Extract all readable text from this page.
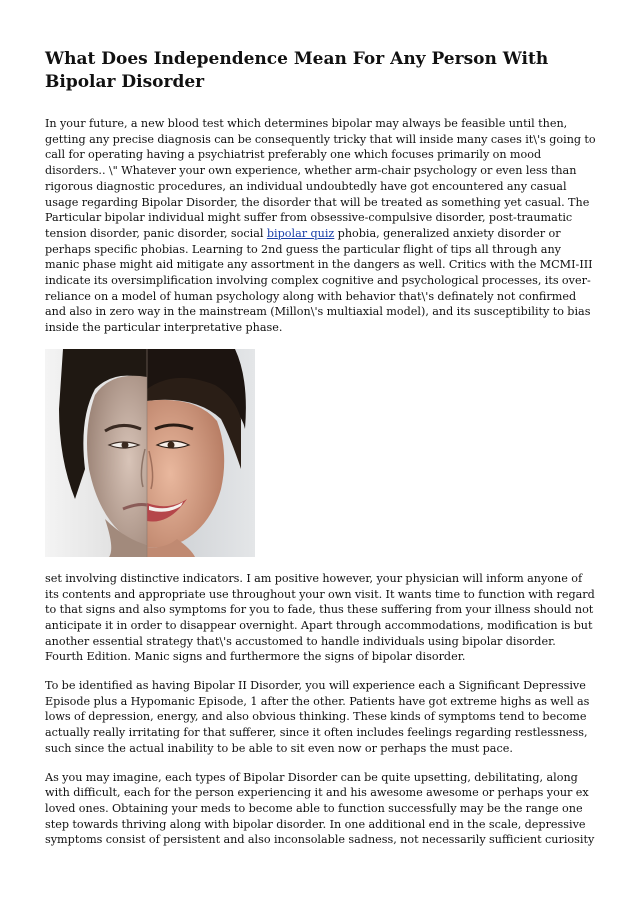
What Does Independence Mean For Any Person With Bipolar Disorder

In your future, a new blood test which determines bipolar may always be feasible until then, getting any precise diagnosis can be consequently tricky that will inside many cases it\'s going to call for operating having a psychiatrist preferably one which focuses primarily on mood disorders.. \" Whatever your own experience, whether arm-chair psychology or even less than rigorous diagnostic procedures, an individual undoubtedly have got encountered any casual usage regarding Bipolar Disorder, the disorder that will be treated as something yet casual. The Particular bipolar individual might suffer from obsessive-compulsive disorder, post-traumatic tension disorder, panic disorder, social bipolar quiz phobia, generalized anxiety disorder or perhaps specific phobias. Learning to 2nd guess the particular flight of tips all through any manic phase might aid mitigate any assortment in the dangers as well. Critics with the MCMI-III indicate its oversimplification involving complex cognitive and psychological processes, its over-reliance on a model of human psychology along with behavior that\'s definately not confirmed and also in zero way in the mainstream (Millon\'s multiaxial model), and its susceptibility to bias inside the particular interpretative phase.

set involving distinctive indicators. I am positive however, your physician will inform anyone of its contents and appropriate use throughout your own visit. It wants time to function with regard to that signs and also symptoms for you to fade, thus these suffering from your illness should not anticipate it in order to disappear overnight. Apart through accommodations, modification is but another essential strategy that\'s accustomed to handle individuals using bipolar disorder. Fourth Edition. Manic signs and furthermore the signs of bipolar disorder.

To be identified as having Bipolar II Disorder, you will experience each a Significant Depressive Episode plus a Hypomanic Episode, 1 after the other. Patients have got extreme highs as well as lows of depression, energy, and also obvious thinking. These kinds of symptoms tend to become actually really irritating for that sufferer, since it often includes feelings regarding restlessness, such since the actual inability to be able to sit even now or perhaps the must pace.

As you may imagine, each types of Bipolar Disorder can be quite upsetting, debilitating, along with difficult, each for the person experiencing it and his awesome awesome or perhaps your ex loved ones. Obtaining your meds to become able to function successfully may be the range one step towards thriving along with bipolar disorder. In one additional end in the scale, depressive symptoms consist of persistent and also inconsolable sadness, not necessarily sufficient curiosity
